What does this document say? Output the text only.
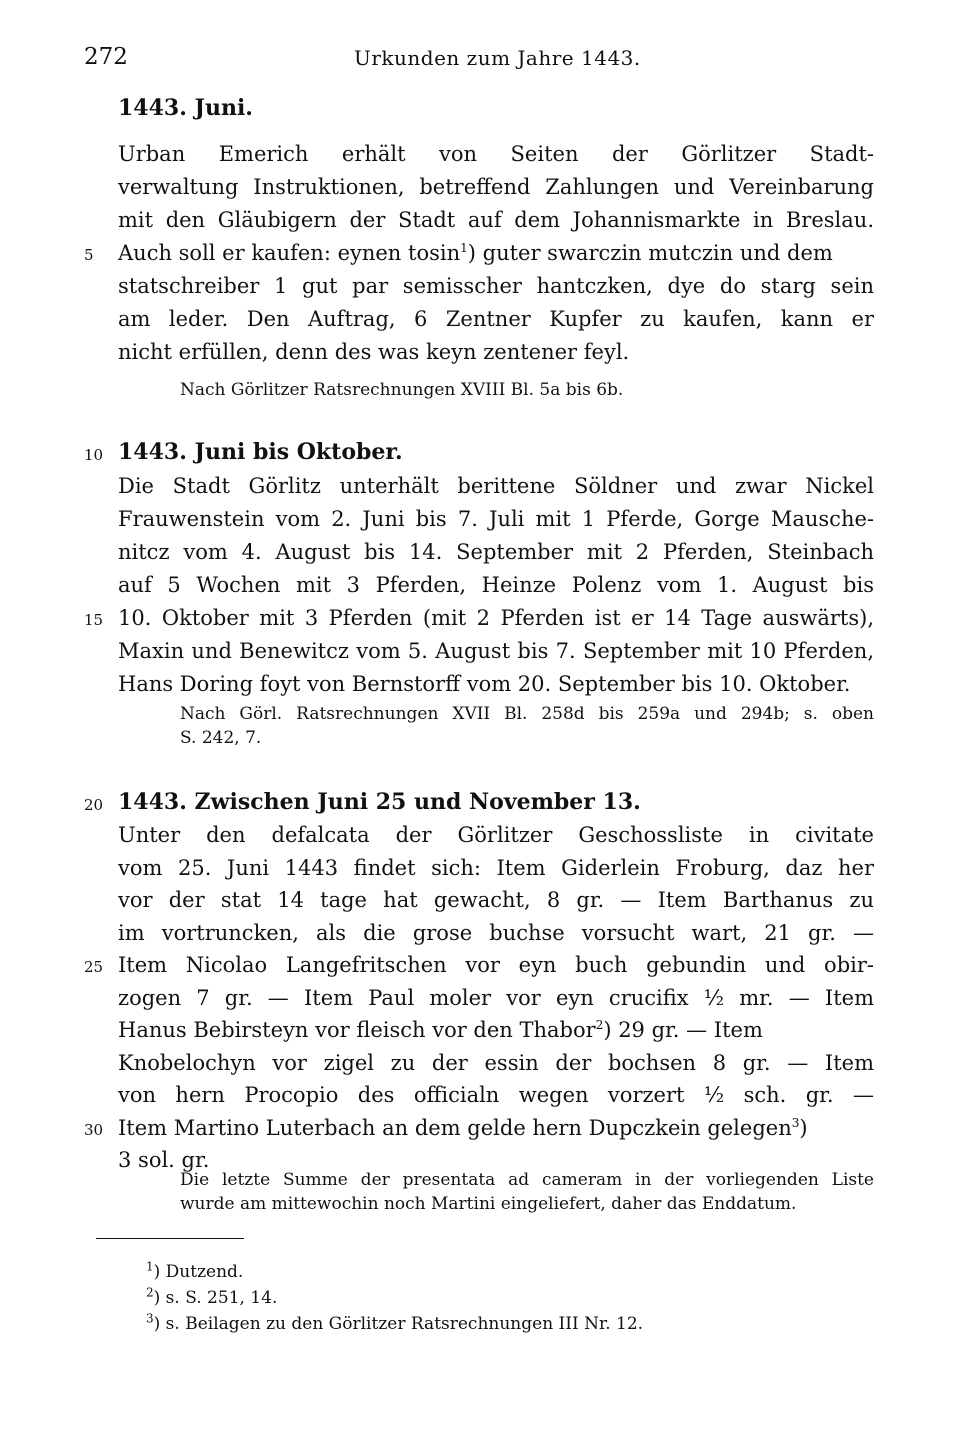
272	Urkunden zum Jahre 1443.
1443. Juni.
Urban Emerich erhält von Seiten der Görlitzer Stadt-
verwaltung Instruktionen, betreffend Zahlungen und Vereinbarung
mit den Gläubigern der Stadt auf dem Johannismarkte in Breslau.
Auch soll er kaufen: eynen tosin$^1$) guter swarczin mutczin und dem
statschreiber 1 gut par semisscher hantczken, dye do starg sein
am leder. Den Auftrag, 6 Zentner Kupfer zu kaufen, kann er
nicht erfüllen, denn des was keyn zentener feyl.
Nach Görlitzer Ratsrechnungen XVIII Bl. 5a bis 6b.
1443. Juni bis Oktober.
Die Stadt Görlitz unterhält berittene Söldner und zwar Nickel
Frauwenstein vom 2. Juni bis 7. Juli mit 1 Pferde, Gorge Mausche-
nitcz vom 4. August bis 14. September mit 2 Pferden, Steinbach
auf 5 Wochen mit 3 Pferden, Heinze Polenz vom 1. August bis
10. Oktober mit 3 Pferden (mit 2 Pferden ist er 14 Tage auswärts),
Maxin und Benewitcz vom 5. August bis 7. September mit 10 Pferden,
Hans Doring foyt von Bernstorff vom 20. September bis 10. Oktober.
Nach Görl. Ratsrechnungen XVII Bl. 258d bis 259a und 294b; s. oben
S. 242, 7.
1443. Zwischen Juni 25 und November 13.
Unter den defalcata der Görlitzer Geschossliste in civitate
vom 25. Juni 1443 findet sich: Item Giderlein Froburg, daz her
vor der stat 14 tage hat gewacht, 8 gr. — Item Barthanus zu
im vortruncken, als die grose buchse vorsucht wart, 21 gr. —
Item Nicolao Langefritschen vor eyn buch gebundin und obir-
zogen 7 gr. — Item Paul moler vor eyn crucifix ½ mr. — Item
Hanus Bebirsteyn vor fleisch vor den Thabor$^2$) 29 gr. — Item
Knobelochyn vor zigel zu der essin der bochsen 8 gr. — Item
von hern Procopio des officialn wegen vorzert ½ sch. gr. —
Item Martino Luterbach an dem gelde hern Dupczkein gelegen$^3$)
3 sol. gr.
Die letzte Summe der presentata ad cameram in der vorliegenden Liste
wurde am mittewochin noch Martini eingeliefert, daher das Enddatum.
5
10
15
20
25
30
$^1$) Dutzend.
$^2$) s. S. 251, 14.
$^3$) s. Beilagen zu den Görlitzer Ratsrechnungen III Nr. 12.
